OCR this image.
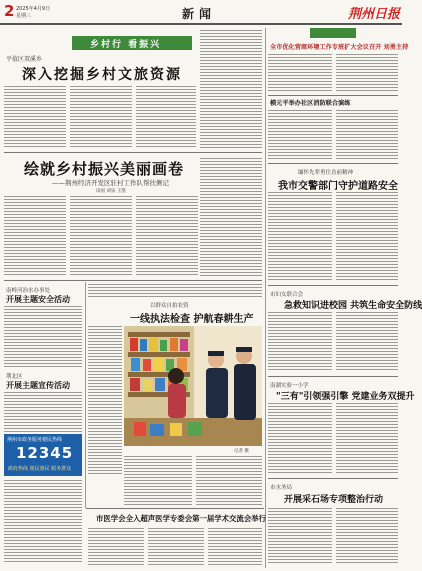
2 2025年4月9日
星期三	新闻	荆州日报
乡村行 看振兴
平值区双溪乡
深入挖掘乡村文旅资源
绘就乡村振兴美丽画卷
——荆州经济开发区驻村工作队帮扶侧记
田国 刘泉 王凯
全市优化营商环境工作专班扩大会议召开 刘勇主持
模元平举办社区消防联合演练
缅怀先辈勇往直前精神
我市交警部门守护道路安全
市妇女联合会
急救知识进校园 共筑生命安全防线
南湖实验一小学
"三有"引领强引擎 党建业务双提升
市水务局
开展采石场专项整治行动
南岭河治水办事处
开展主题安全活动
荆北区
开展主题宣传活动
荆州市政务服务便民热线
12345
政府热线 便民惠民 服务群众
以群众自拍农资
一线执法检查 护航春耕生产
记者 摄
市医学会全入超声医学专委会第一届学术交流会举行
